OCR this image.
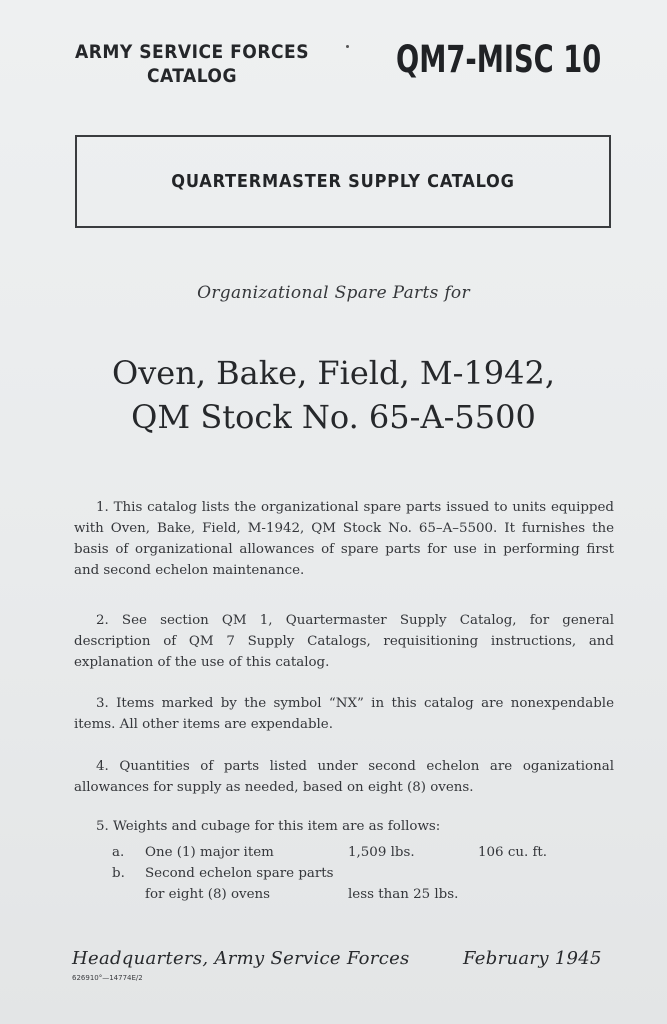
ARMY SERVICE FORCES
CATALOG	QM7-MISC 10
QUARTERMASTER SUPPLY CATALOG
Organizational Spare Parts for
Oven, Bake, Field, M-1942,
QM Stock No. 65-A-5500
1. This catalog lists the organizational spare parts issued to units equipped with Oven, Bake, Field, M-1942, QM Stock No. 65–A–5500. It furnishes the basis of organizational allowances of spare parts for use in performing first and second echelon maintenance.
2. See section QM 1, Quartermaster Supply Catalog, for general description of QM 7 Supply Catalogs, requisitioning instructions, and explanation of the use of this catalog.
3. Items marked by the symbol “NX” in this catalog are nonexpendable items. All other items are expendable.
4. Quantities of parts listed under second echelon are oganizational allowances for supply as needed, based on eight (8) ovens.
5. Weights and cubage for this item are as follows:
a. One (1) major item	1,509 lbs.	106 cu. ft.
b. Second echelon spare parts
for eight (8) ovens	less than 25 lbs.
Headquarters, Army Service Forces	February 1945
626910°—14774E/2
